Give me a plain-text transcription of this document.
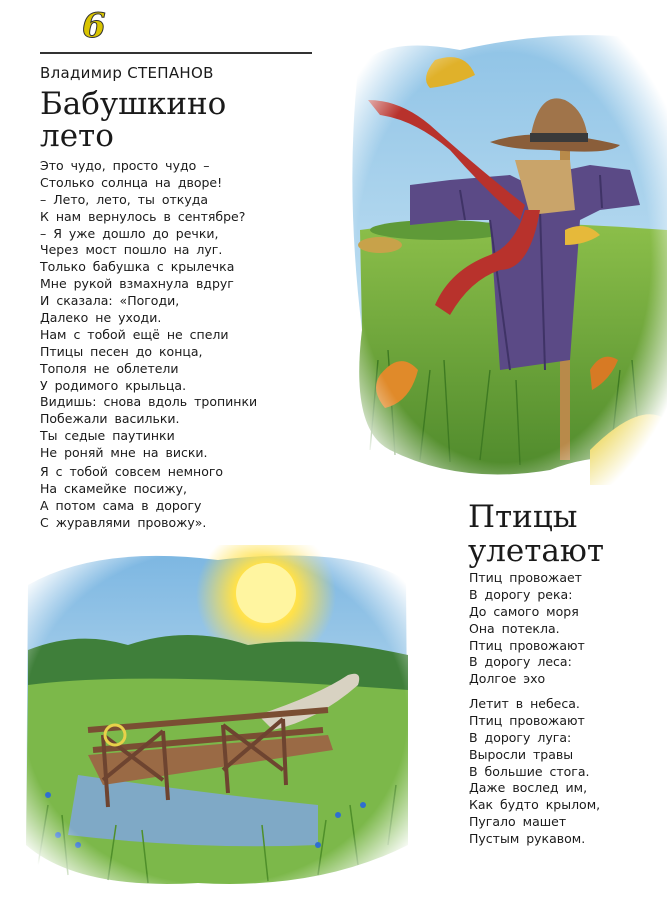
6
Владимир СТЕПАНОВ
Бабушкино
лето
Это чудо, просто чудо –
Столько солнца на дворе!
– Лето, лето, ты откуда
К нам вернулось в сентябре?
– Я уже дошло до речки,
Через мост пошло на луг.
Только бабушка с крылечка
Мне рукой взмахнула вдруг
И сказала: «Погоди,
Далеко не уходи.
Нам с тобой ещё не спели
Птицы песен до конца,
Тополя не облетели
У родимого крыльца.
Видишь: снова вдоль тропинки
Побежали васильки.
Ты седые паутинки
Не роняй мне на виски.
Я с тобой совсем немного
На скамейке посижу,
А потом сама в дорогу
С журавлями провожу».	Птицы
улетают
Птиц провожает
В дорогу река:
До самого моря
Она потекла.
Птиц провожают
В дорогу леса:
Долгое эхо
Летит в небеса.
Птиц провожают
В дорогу луга:
Выросли травы
В большие стога.
Даже вослед им,
Как будто крылом,
Пугало машет
Пустым рукавом.
